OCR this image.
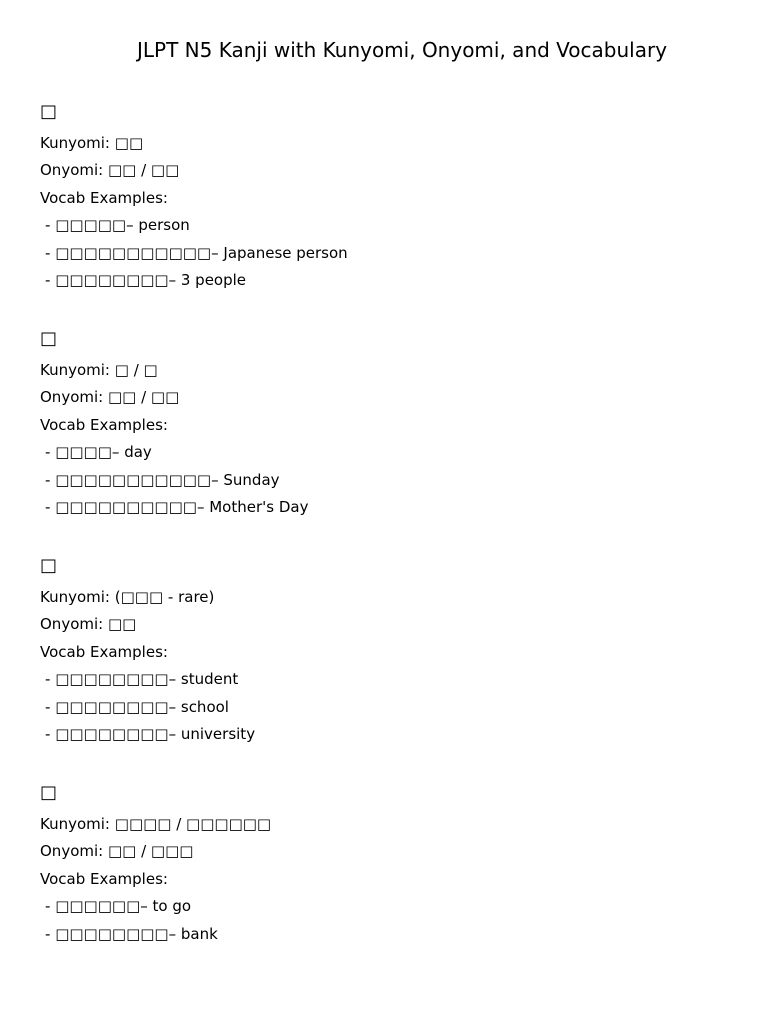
JLPT N5 Kanji with Kunyomi, Onyomi, and Vocabulary
□
Kunyomi: □□
Onyomi: □□ / □□
Vocab Examples:
- □□□□□– person
- □□□□□□□□□□□– Japanese person
- □□□□□□□□– 3 people
□
Kunyomi: □ / □
Onyomi: □□ / □□
Vocab Examples:
- □□□□– day
- □□□□□□□□□□□– Sunday
- □□□□□□□□□□– Mother's Day
□
Kunyomi: (□□□ - rare)
Onyomi: □□
Vocab Examples:
- □□□□□□□□– student
- □□□□□□□□– school
- □□□□□□□□– university
□
Kunyomi: □□□□ / □□□□□□
Onyomi: □□ / □□□
Vocab Examples:
- □□□□□□– to go
- □□□□□□□□– bank
